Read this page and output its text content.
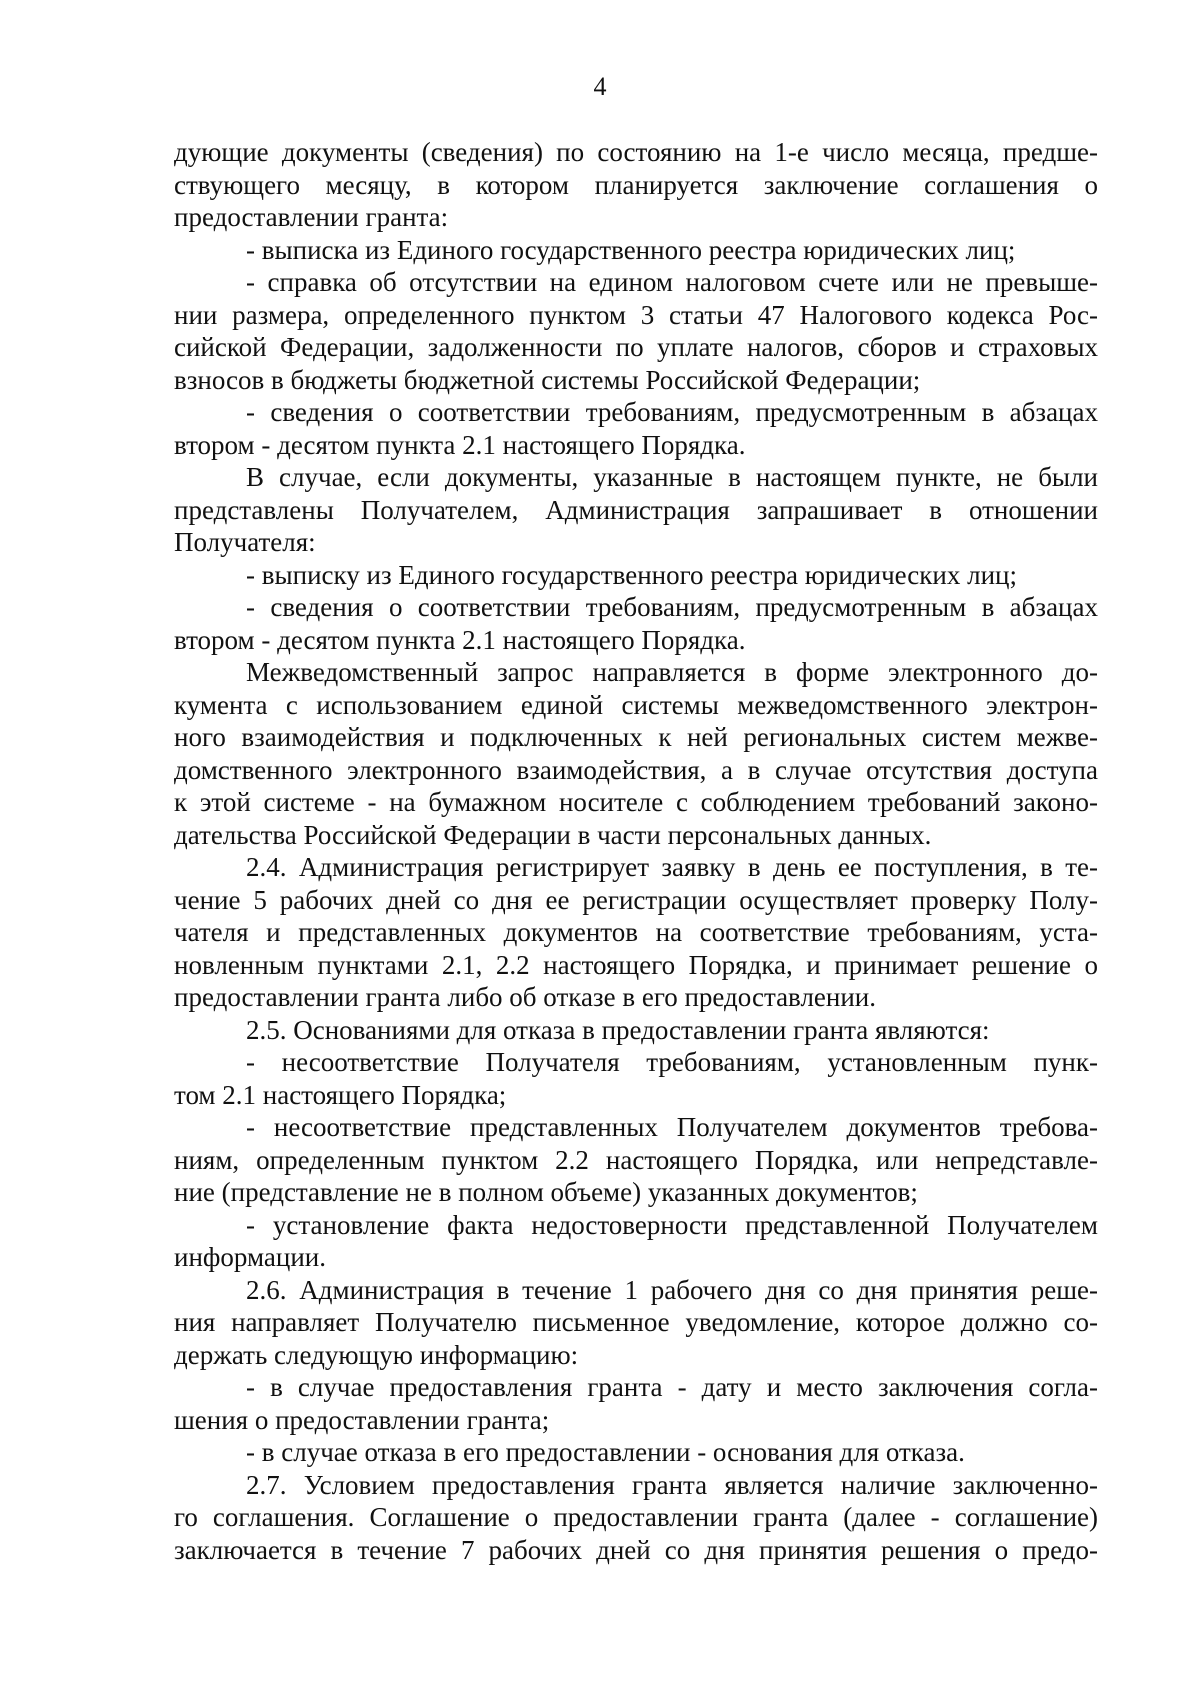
4

дующие документы (сведения) по состоянию на 1-е число месяца, предше-
ствующего месяцу, в котором планируется заключение соглашения о
предоставлении гранта:

- выписка из Единого государственного реестра юридических лиц;

- справка об отсутствии на едином налоговом счете или не превыше-
нии размера, определенного пунктом 3 статьи 47 Налогового кодекса Рос-
сийской Федерации, задолженности по уплате налогов, сборов и страховых
взносов в бюджеты бюджетной системы Российской Федерации;

- сведения о соответствии требованиям, предусмотренным в абзацах
втором - десятом пункта 2.1 настоящего Порядка.

В случае, если документы, указанные в настоящем пункте, не были
представлены Получателем, Администрация запрашивает в отношении
Получателя:

- выписку из Единого государственного реестра юридических лиц;

- сведения о соответствии требованиям, предусмотренным в абзацах
втором - десятом пункта 2.1 настоящего Порядка.

Межведомственный запрос направляется в форме электронного до-
кумента с использованием единой системы межведомственного электрон-
ного взаимодействия и подключенных к ней региональных систем межве-
домственного электронного взаимодействия, а в случае отсутствия доступа
к этой системе - на бумажном носителе с соблюдением требований законо-
дательства Российской Федерации в части персональных данных.

2.4. Администрация регистрирует заявку в день ее поступления, в те-
чение 5 рабочих дней со дня ее регистрации осуществляет проверку Полу-
чателя и представленных документов на соответствие требованиям, уста-
новленным пунктами 2.1, 2.2 настоящего Порядка, и принимает решение о
предоставлении гранта либо об отказе в его предоставлении.

2.5. Основаниями для отказа в предоставлении гранта являются:

- несоответствие Получателя требованиям, установленным пунк-
том 2.1 настоящего Порядка;

- несоответствие представленных Получателем документов требова-
ниям, определенным пунктом 2.2 настоящего Порядка, или непредставле-
ние (представление не в полном объеме) указанных документов;

- установление факта недостоверности представленной Получателем
информации.

2.6. Администрация в течение 1 рабочего дня со дня принятия реше-
ния направляет Получателю письменное уведомление, которое должно со-
держать следующую информацию:

- в случае предоставления гранта - дату и место заключения согла-
шения о предоставлении гранта;

- в случае отказа в его предоставлении - основания для отказа.

2.7. Условием предоставления гранта является наличие заключенно-
го соглашения. Соглашение о предоставлении гранта (далее - соглашение)
заключается в течение 7 рабочих дней со дня принятия решения о предо-
